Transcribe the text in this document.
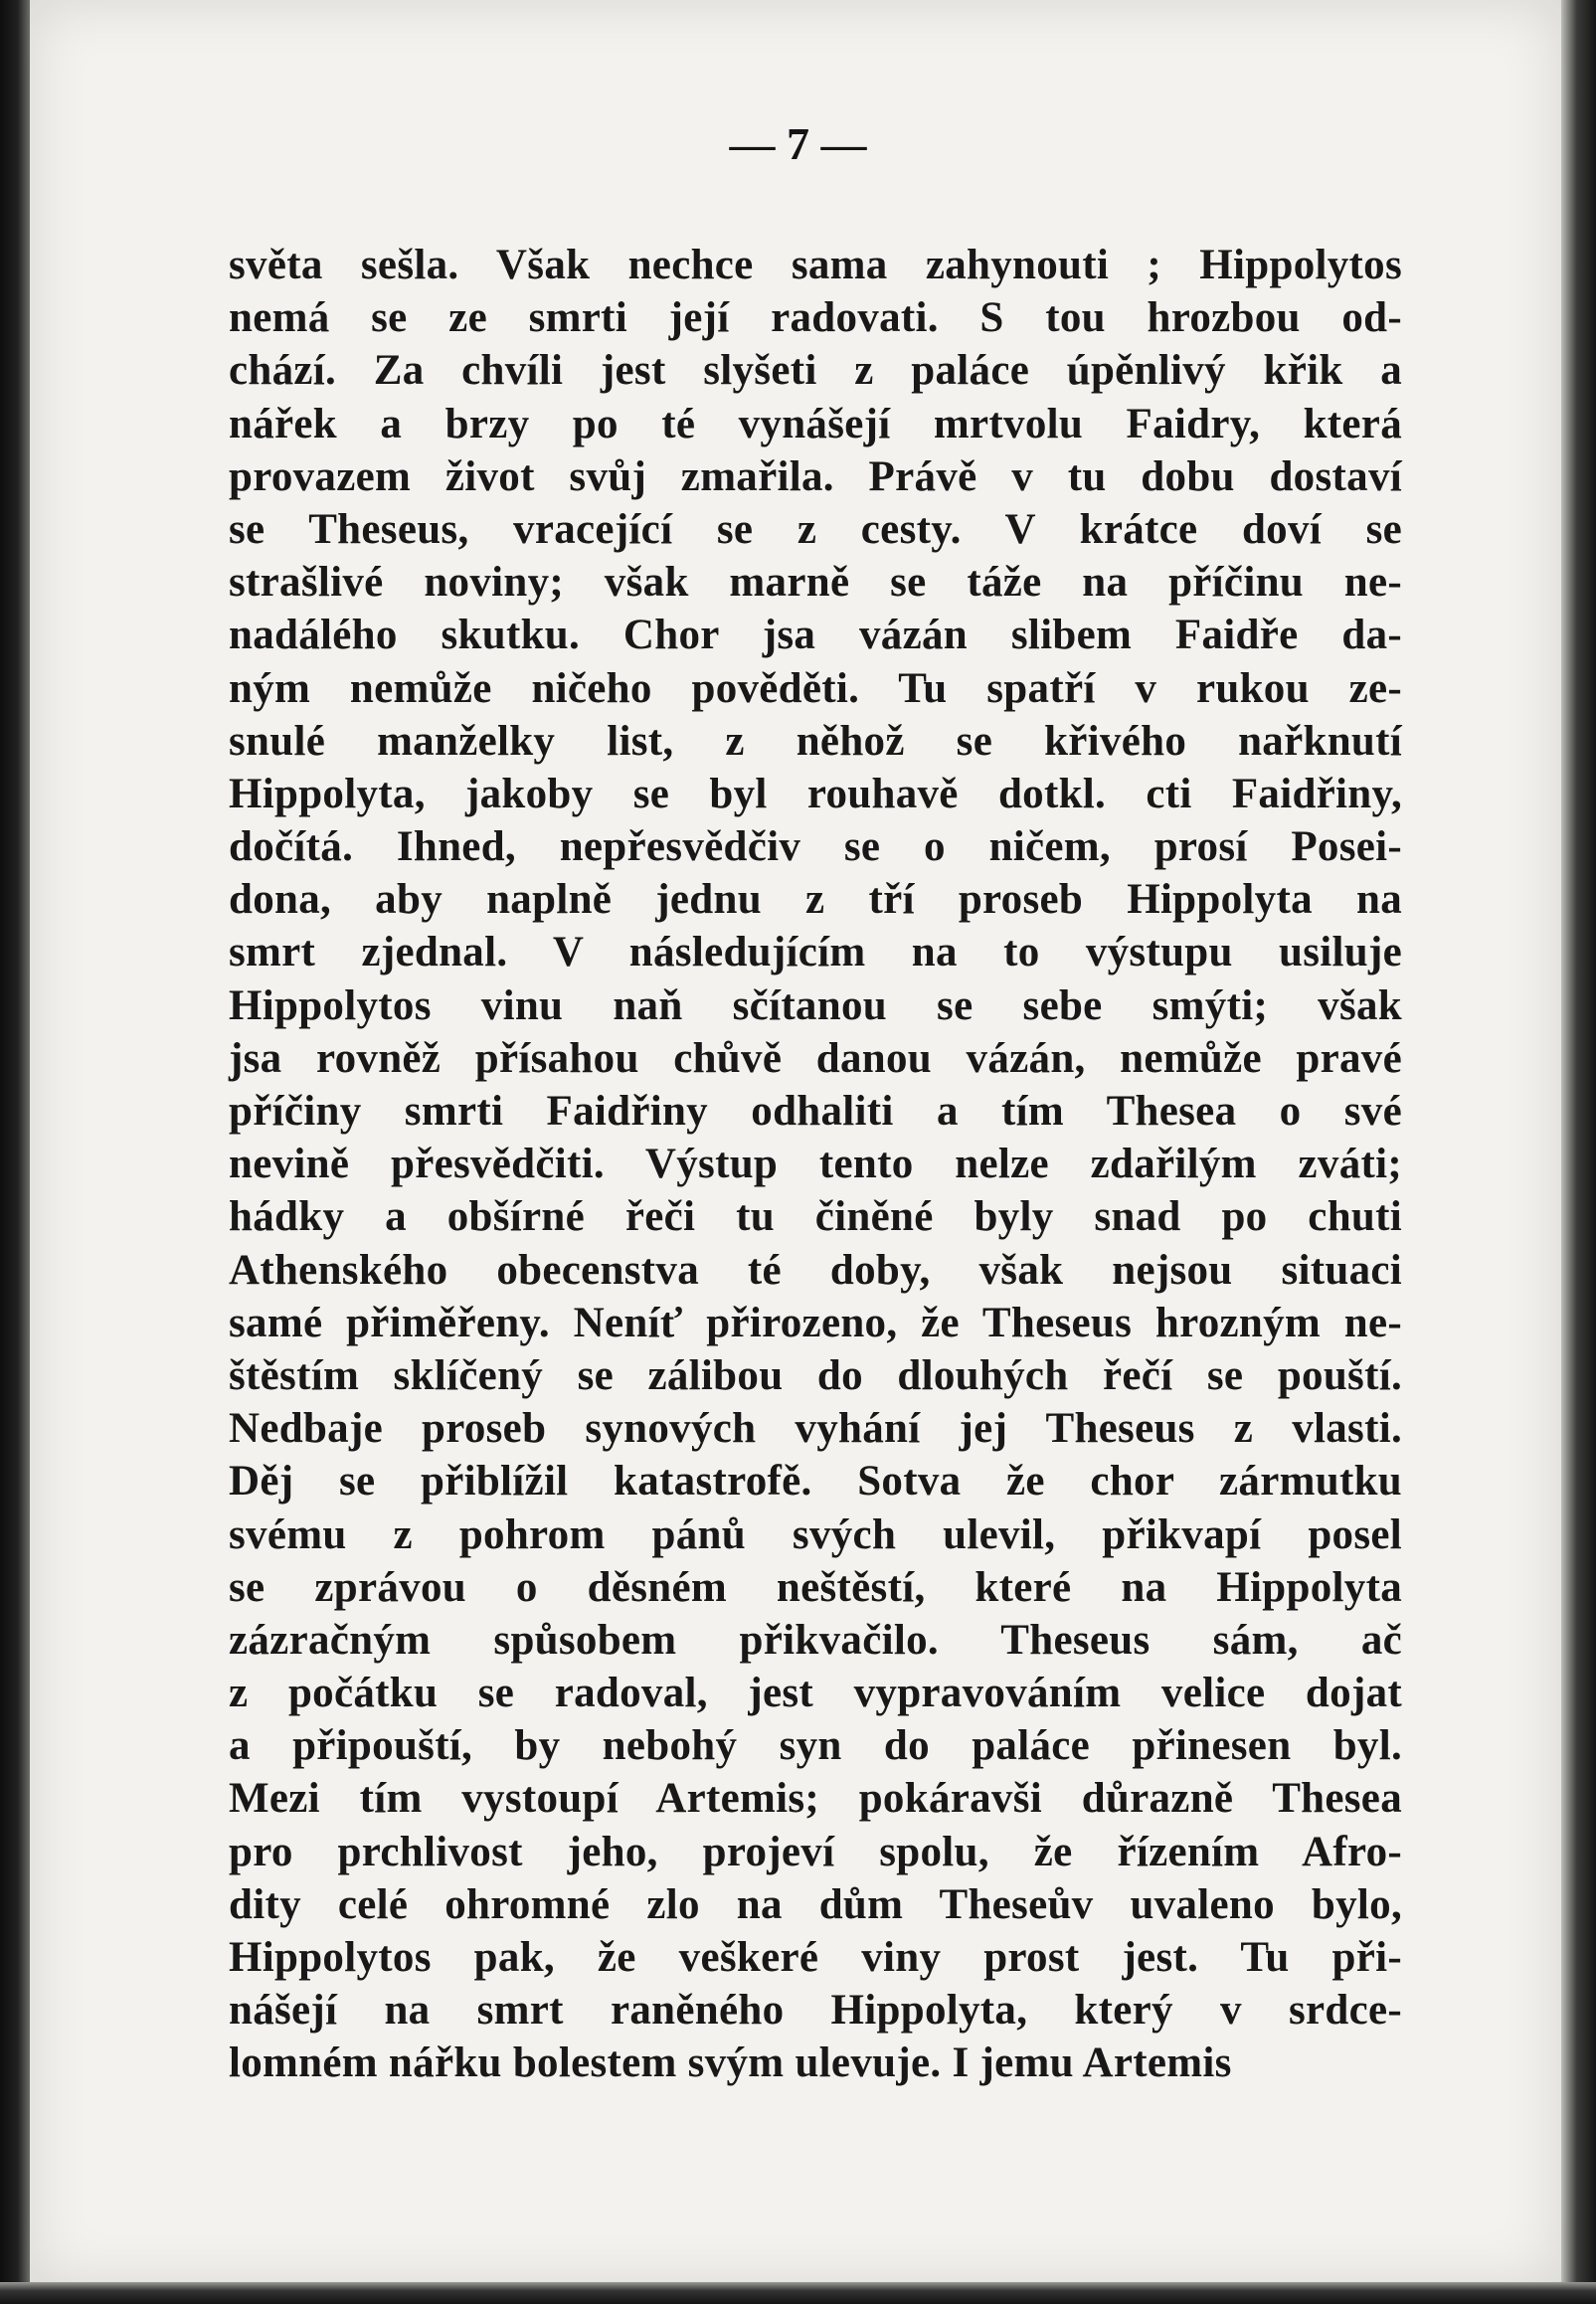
— 7 —
světa sešla. Však nechce sama zahynouti ; Hippolytos
nemá se ze smrti její radovati. S tou hrozbou od-
chází. Za chvíli jest slyšeti z paláce úpěnlivý křik a
nářek a brzy po té vynášejí mrtvolu Faidry, která
provazem život svůj zmařila. Právě v tu dobu dostaví
se Theseus, vracející se z cesty. V krátce doví se
strašlivé noviny; však marně se táže na příčinu ne-
nadálého skutku. Chor jsa vázán slibem Faidře da-
ným nemůže ničeho pověděti. Tu spatří v rukou ze-
snulé manželky list, z něhož se křivého nařknutí
Hippolyta, jakoby se byl rouhavě dotkl. cti Faidřiny,
dočítá. Ihned, nepřesvědčiv se o ničem, prosí Posei-
dona, aby naplně jednu z tří proseb Hippolyta na
smrt zjednal. V následujícím na to výstupu usiluje
Hippolytos vinu naň sčítanou se sebe smýti; však
jsa rovněž přísahou chůvě danou vázán, nemůže pravé
příčiny smrti Faidřiny odhaliti a tím Thesea o své
nevině přesvědčiti. Výstup tento nelze zdařilým zváti;
hádky a obšírné řeči tu činěné byly snad po chuti
Athenského obecenstva té doby, však nejsou situaci
samé přiměřeny. Neníť přirozeno, že Theseus hrozným ne-
štěstím sklíčený se zálibou do dlouhých řečí se pouští.
Nedbaje proseb synových vyhání jej Theseus z vlasti.
Děj se přiblížil katastrofě. Sotva že chor zármutku
svému z pohrom pánů svých ulevil, přikvapí posel
se zprávou o děsném neštěstí, které na Hippolyta
zázračným spůsobem přikvačilo. Theseus sám, ač
z počátku se radoval, jest vypravováním velice dojat
a připouští, by nebohý syn do paláce přinesen byl.
Mezi tím vystoupí Artemis; pokáravši důrazně Thesea
pro prchlivost jeho, projeví spolu, že řízením Afro-
dity celé ohromné zlo na dům Theseův uvaleno bylo,
Hippolytos pak, že veškeré viny prost jest. Tu při-
nášejí na smrt raněného Hippolyta, který v srdce-
lomném nářku bolestem svým ulevuje. I jemu Artemis
